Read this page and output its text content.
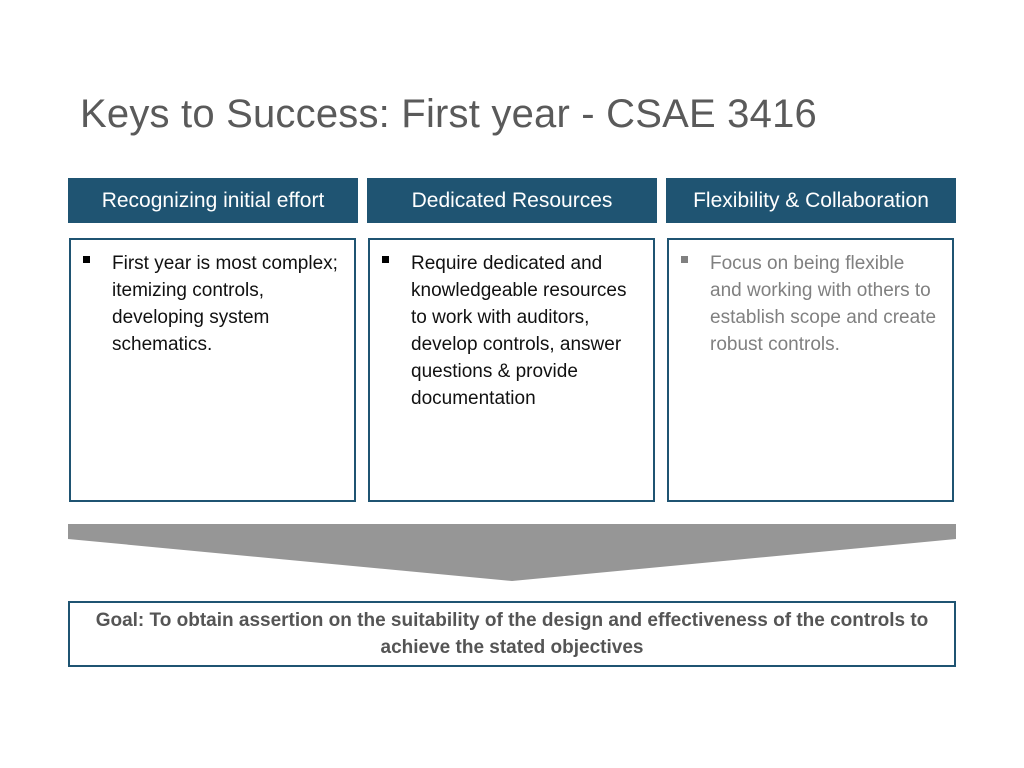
Keys to Success: First year - CSAE 3416
Recognizing initial effort
First year is most complex; itemizing controls, developing system schematics.
Dedicated Resources
Require dedicated and knowledgeable resources to work with auditors, develop controls, answer questions & provide documentation
Flexibility & Collaboration
Focus on being flexible and working with others to establish scope and create robust controls.
Goal: To obtain assertion on the suitability of the design and effectiveness of the controls to achieve the stated objectives
